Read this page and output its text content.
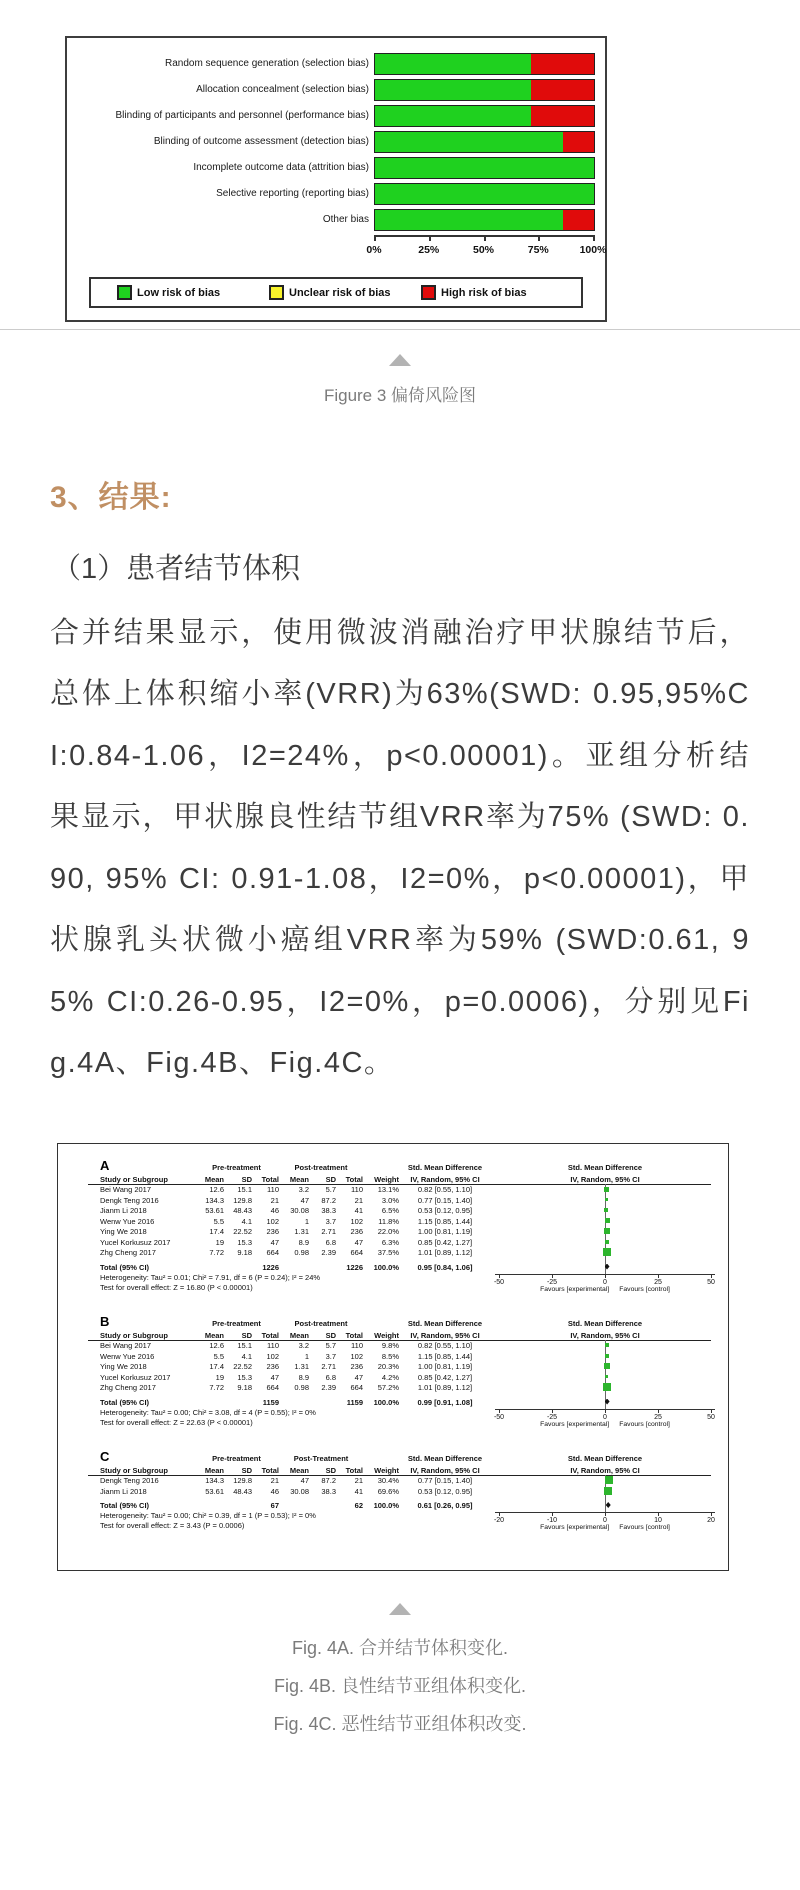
Random sequence generation (selection bias)
Allocation concealment (selection bias)
Blinding of participants and personnel (performance bias)
Blinding of outcome assessment (detection bias)
Incomplete outcome data (attrition bias)
Selective reporting (reporting bias)
Other bias
0%	25%	50%	75%	100%
Low risk of bias	Unclear risk of bias	High risk of bias
Figure 3 偏倚风险图
3、结果:
（1）患者结节体积
合并结果显示，使用微波消融治疗甲状腺结节后，总体上体积缩小率(VRR)为63%(SWD: 0.95,95%CI:0.84-1.06，I2=24%，p<0.00001)。亚组分析结果显示，甲状腺良性结节组VRR率为75% (SWD: 0.90, 95% CI: 0.91-1.08，I2=0%，p<0.00001)，甲状腺乳头状微小癌组VRR率为59% (SWD:0.61, 95% CI:0.26-0.95，I2=0%，p=0.0006)，分别见Fig.4A、Fig.4B、Fig.4C。
A	Pre-treatment	Post-treatment	Std. Mean Difference	Std. Mean Difference
Study or Subgroup	Mean	SD	Total	Mean	SD	Total	Weight	IV, Random, 95% CI	IV, Random, 95% CI
Bei Wang 2017	12.6	15.1	110	3.2	5.7	110	13.1%	0.82 [0.55, 1.10]
Dengk Teng 2016	134.3	129.8	21	47	87.2	21	3.0%	0.77 [0.15, 1.40]
Jianm Li 2018	53.61	48.43	46	30.08	38.3	41	6.5%	0.53 [0.12, 0.95]
Wenw Yue 2016	5.5	4.1	102	1	3.7	102	11.8%	1.15 [0.85, 1.44]
Ying We 2018	17.4	22.52	236	1.31	2.71	236	22.0%	1.00 [0.81, 1.19]
Yucel Korkusuz 2017	19	15.3	47	8.9	6.8	47	6.3%	0.85 [0.42, 1.27]
Zhg Cheng 2017	7.72	9.18	664	0.98	2.39	664	37.5%	1.01 [0.89, 1.12]
Total (95% CI)	1226	1226	100.0%	0.95 [0.84, 1.06]
Heterogeneity: Tau² = 0.01; Chi² = 7.91, df = 6 (P = 0.24); I² = 24%
Test for overall effect: Z = 16.80 (P < 0.00001)
-50	-25	0	25	50
Favours [experimental] Favours [control]
B	Pre-treatment	Post-treatment	Std. Mean Difference	Std. Mean Difference
Study or Subgroup	Mean	SD	Total	Mean	SD	Total	Weight	IV, Random, 95% CI	IV, Random, 95% CI
Bei Wang 2017	12.6	15.1	110	3.2	5.7	110	9.8%	0.82 [0.55, 1.10]
Wenw Yue 2016	5.5	4.1	102	1	3.7	102	8.5%	1.15 [0.85, 1.44]
Ying We 2018	17.4	22.52	236	1.31	2.71	236	20.3%	1.00 [0.81, 1.19]
Yucel Korkusuz 2017	19	15.3	47	8.9	6.8	47	4.2%	0.85 [0.42, 1.27]
Zhg Cheng 2017	7.72	9.18	664	0.98	2.39	664	57.2%	1.01 [0.89, 1.12]
Total (95% CI)	1159	1159	100.0%	0.99 [0.91, 1.08]
Heterogeneity: Tau² = 0.00; Chi² = 3.08, df = 4 (P = 0.55); I² = 0%
Test for overall effect: Z = 22.63 (P < 0.00001)
-50	-25	0	25	50
Favours [experimental] Favours [control]
C	Pre-treatment	Post-Treatment	Std. Mean Difference	Std. Mean Difference
Study or Subgroup	Mean	SD	Total	Mean	SD	Total	Weight	IV, Random, 95% CI	IV, Random, 95% CI
Dengk Teng 2016	134.3	129.8	21	47	87.2	21	30.4%	0.77 [0.15, 1.40]
Jianm Li 2018	53.61	48.43	46	30.08	38.3	41	69.6%	0.53 [0.12, 0.95]
Total (95% CI)	67	62	100.0%	0.61 [0.26, 0.95]
Heterogeneity: Tau² = 0.00; Chi² = 0.39, df = 1 (P = 0.53); I² = 0%
Test for overall effect: Z = 3.43 (P = 0.0006)
-20	-10	0	10	20
Favours [experimental] Favours [control]
Fig. 4A. 合并结节体积变化.
Fig. 4B. 良性结节亚组体积变化.
Fig. 4C. 恶性结节亚组体积改变.
